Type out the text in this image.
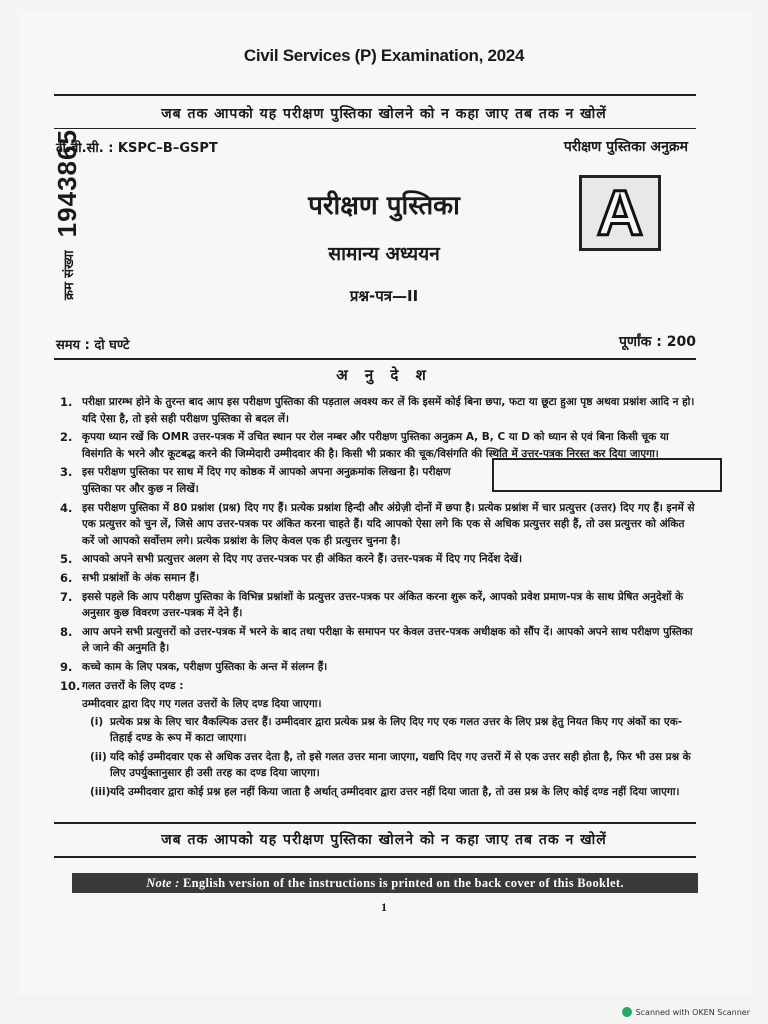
Civil Services (P) Examination, 2024
जब तक आपको यह परीक्षण पुस्तिका खोलने को न कहा जाए तब तक न खोलें
टी.बी.सी. : KSPC–B–GSPT	परीक्षण पुस्तिका अनुक्रम
क्रम संख्या 1943865	परीक्षण पुस्तिका
सामान्य अध्ययन
प्रश्न-पत्र—II
A
समय : दो घण्टे	पूर्णांक : 200
अ नु दे श
1. परीक्षा प्रारम्भ होने के तुरन्त बाद आप इस परीक्षण पुस्तिका की पड़ताल अवश्य कर लें कि इसमें कोई बिना छपा, फटा या छूटा हुआ पृष्ठ अथवा प्रश्नांश आदि न हो। यदि ऐसा है, तो इसे सही परीक्षण पुस्तिका से बदल लें।
2. कृपया ध्यान रखें कि OMR उत्तर-पत्रक में उचित स्थान पर रोल नम्बर और परीक्षण पुस्तिका अनुक्रम A, B, C या D को ध्यान से एवं बिना किसी चूक या विसंगति के भरने और कूटबद्ध करने की जिम्मेदारी उम्मीदवार की है। किसी भी प्रकार की चूक/विसंगति की स्थिति में उत्तर-पत्रक निरस्त कर दिया जाएगा।
3. इस परीक्षण पुस्तिका पर साथ में दिए गए कोष्ठक में आपको अपना अनुक्रमांक लिखना है। परीक्षण पुस्तिका पर और कुछ न लिखें।
4. इस परीक्षण पुस्तिका में 80 प्रश्नांश (प्रश्न) दिए गए हैं। प्रत्येक प्रश्नांश हिन्दी और अंग्रेज़ी दोनों में छपा है। प्रत्येक प्रश्नांश में चार प्रत्युत्तर (उत्तर) दिए गए हैं। इनमें से एक प्रत्युत्तर को चुन लें, जिसे आप उत्तर-पत्रक पर अंकित करना चाहते हैं। यदि आपको ऐसा लगे कि एक से अधिक प्रत्युत्तर सही हैं, तो उस प्रत्युत्तर को अंकित करें जो आपको सर्वोत्तम लगे। प्रत्येक प्रश्नांश के लिए केवल एक ही प्रत्युत्तर चुनना है।
5. आपको अपने सभी प्रत्युत्तर अलग से दिए गए उत्तर-पत्रक पर ही अंकित करने हैं। उत्तर-पत्रक में दिए गए निर्देश देखें।
6. सभी प्रश्नांशों के अंक समान हैं।
7. इससे पहले कि आप परीक्षण पुस्तिका के विभिन्न प्रश्नांशों के प्रत्युत्तर उत्तर-पत्रक पर अंकित करना शुरू करें, आपको प्रवेश प्रमाण-पत्र के साथ प्रेषित अनुदेशों के अनुसार कुछ विवरण उत्तर-पत्रक में देने हैं।
8. आप अपने सभी प्रत्युत्तरों को उत्तर-पत्रक में भरने के बाद तथा परीक्षा के समापन पर केवल उत्तर-पत्रक अधीक्षक को सौंप दें। आपको अपने साथ परीक्षण पुस्तिका ले जाने की अनुमति है।
9. कच्चे काम के लिए पत्रक, परीक्षण पुस्तिका के अन्त में संलग्न हैं।
10. गलत उत्तरों के लिए दण्ड :
उम्मीदवार द्वारा दिए गए गलत उत्तरों के लिए दण्ड दिया जाएगा।
(i) प्रत्येक प्रश्न के लिए चार वैकल्पिक उत्तर हैं। उम्मीदवार द्वारा प्रत्येक प्रश्न के लिए दिए गए एक गलत उत्तर के लिए प्रश्न हेतु नियत किए गए अंकों का एक-तिहाई दण्ड के रूप में काटा जाएगा।
(ii) यदि कोई उम्मीदवार एक से अधिक उत्तर देता है, तो इसे गलत उत्तर माना जाएगा, यद्यपि दिए गए उत्तरों में से एक उत्तर सही होता है, फिर भी उस प्रश्न के लिए उपर्युक्तानुसार ही उसी तरह का दण्ड दिया जाएगा।
(iii) यदि उम्मीदवार द्वारा कोई प्रश्न हल नहीं किया जाता है अर्थात् उम्मीदवार द्वारा उत्तर नहीं दिया जाता है, तो उस प्रश्न के लिए कोई दण्ड नहीं दिया जाएगा।
जब तक आपको यह परीक्षण पुस्तिका खोलने को न कहा जाए तब तक न खोलें
Note : English version of the instructions is printed on the back cover of this Booklet.
1
Scanned with OKEN Scanner
